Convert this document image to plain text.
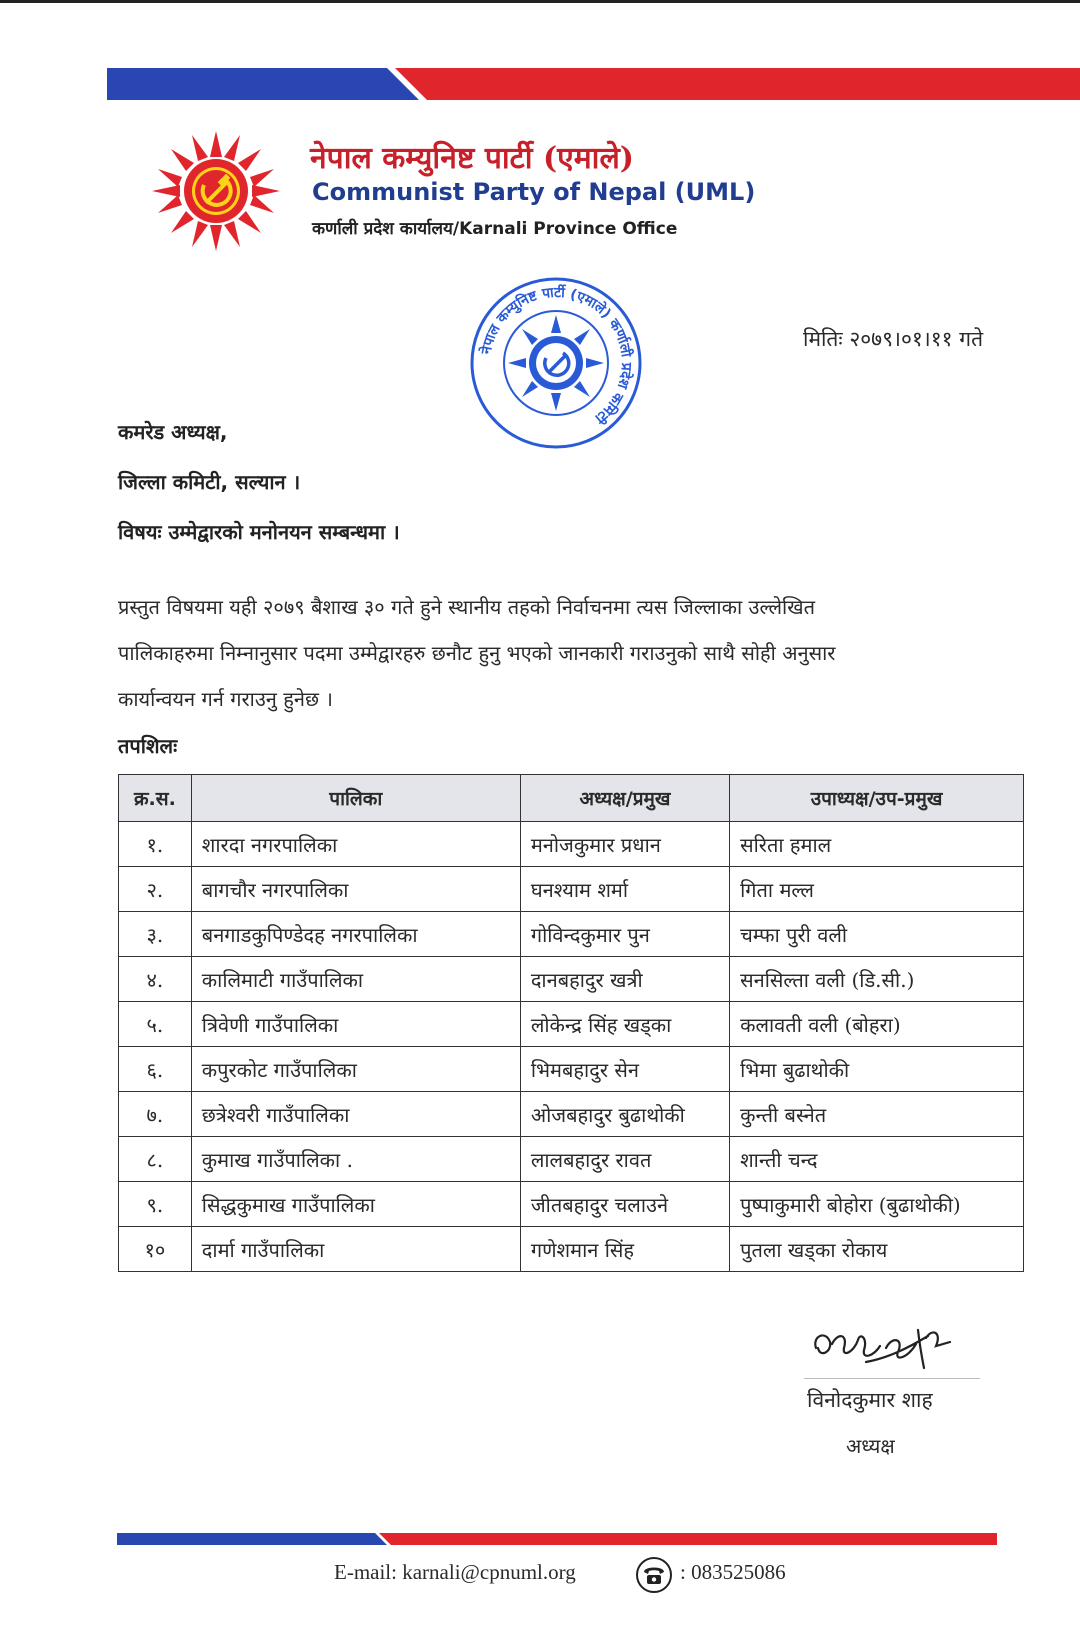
नेपाल कम्युनिष्ट पार्टी (एमाले)
Communist Party of Nepal (UML)
कर्णाली प्रदेश कार्यालय/Karnali Province Office
नेपाल कम्युनिष्ट पार्टी (एमाले) कर्णाली प्रदेश कमिटी
मितिः २०७९।०१।११ गते
कमरेड अध्यक्ष,
जिल्ला कमिटी, सल्यान ।
विषयः उम्मेद्वारको मनोनयन सम्बन्धमा ।
प्रस्तुत विषयमा यही २०७९ बैशाख ३० गते हुने स्थानीय तहको निर्वाचनमा त्यस जिल्लाका उल्लेखित
पालिकाहरुमा निम्नानुसार पदमा उम्मेद्वारहरु छनौट हुनु भएको जानकारी गराउनुको साथै सोही अनुसार
कार्यान्वयन गर्न गराउनु हुनेछ ।
तपशिलः
क्र.स.	पालिका	अध्यक्ष/प्रमुख	उपाध्यक्ष/उप-प्रमुख
१.	शारदा नगरपालिका	मनोजकुमार प्रधान	सरिता हमाल
२.	बागचौर नगरपालिका	घनश्याम शर्मा	गिता मल्ल
३.	बनगाडकुपिण्डेदह नगरपालिका	गोविन्दकुमार पुन	चम्फा पुरी वली
४.	कालिमाटी गाउँपालिका	दानबहादुर खत्री	सनसिल्ता वली (डि.सी.)
५.	त्रिवेणी गाउँपालिका	लोकेन्द्र सिंह खड्का	कलावती वली (बोहरा)
६.	कपुरकोट गाउँपालिका	भिमबहादुर सेन	भिमा बुढाथोकी
७.	छत्रेश्वरी गाउँपालिका	ओजबहादुर बुढाथोकी	कुन्ती बस्नेत
८.	कुमाख गाउँपालिका .	लालबहादुर रावत	शान्ती चन्द
९.	सिद्धकुमाख गाउँपालिका	जीतबहादुर चलाउने	पुष्पाकुमारी बोहोरा (बुढाथोकी)
१०	दार्मा गाउँपालिका	गणेशमान सिंह	पुतला खड्का रोकाय
विनोदकुमार शाह
अध्यक्ष
E-mail: karnali@cpnuml.org	: 083525086
